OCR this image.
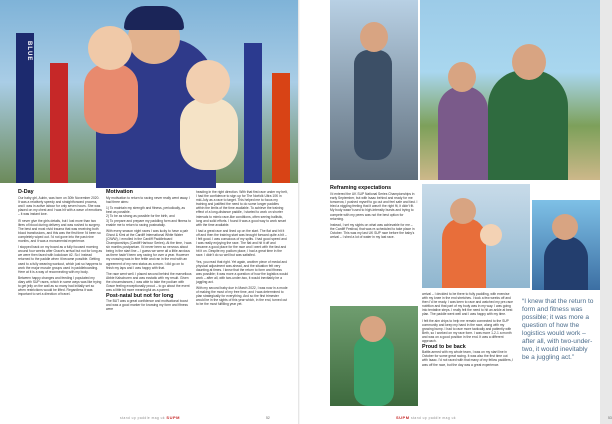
BLUE
D-Day

Our baby girl, Aubin, was born on 30th November 2020. It was a relatively speedy and straightforward process, and I was in active labour for only seven hours. She was placed on my chest and I was hit with a wave of emotions – it was instant love.

I'll never give the girls details, but I lost more than two litres of blood during delivery and was rushed to surgery. The best and most vivid trauma that was receiving both blood transfusions, and this was the first time I'd been so completely wiped out. I'd not gone into the past nine months, and it was a monumental experience.

I stopped back on my board as a fully focused morning around four weeks after Grace's arrival but not for long as we were then faced with lockdown #2. So I instead returned to the paddle when it became possible. Getting used to a fully weaning workout, which just so happens to work the major muscle groups used in paddleboarding. Here at it is a way of reconnecting with my body.

Between happy changes and feeding I populated my diary with SUP races, which in some ways was like trying to get jelly on the wall as so many had initially set so when restrictions would be lifted. Regardless it was important to set a direction of travel.

Motivation

My motivation to return to racing never really went away. I had three aims:

1) To maintain my strength and fitness, periodically, as best as possible.

2) To be as strong as possible for the birth, and

3) To prepare and prepare my paddling form and fitness to enable me to return to racing postnatally.

With every season night races I was lucky to have a pair Ghost & Kimi at the Cardiff International White Water (CIWW), I enrolled in the Cardiff Paddleboard Championships (Cardiff Harbour Series). At the time, I was six months postpartum. I'd never been so nervous about being in the start line – I guess we were all a little anxious as there hadn't been any racing for over a year. However my crossing was in fine fettle and ran in the end with an agreement of my new status as a mum. I did go on to finish my laps and I was happy with that.

The race went well. I placed second behind the marvellous Abbie Kalschuren and was ecstatic with my result. Given the circumstances, I was able to take the podium with Grace feeling exceptionally proud – to go about the event was a little bit more meaningful as a parent.

Post-natal but not for long

The BUT was a great confidence and motivational boost and was a good marker for knowing my form and fitness were

heading in the right direction. With that first race under my belt, I had the confidence to sign up for The Norfolk Ultra 10K in mid-July as a race to target. This helped me to focus my training and justified the need to do some longer paddles within the limits of the time available. To achieve the training effect of a long-distance paddle, I started to work on shorter intervals to mimic race-like conditions, often seeing ballistic, long and solid efforts. I found it was a good way to work smart with the time available.

I had a great race and lined up on the start. The flat and hit it off and then the training start was brought forward quite a bit – I felt good. I was conscious of my splits. I had good speed and I was really enjoying the race. The flat and hit it off and became a good place for the race and I went with the fast and hit it on. Despite my podium place, I had a great time in the race. I didn't do so well but was satisfied.

Yes, you read that right. Yet again, another piece of medal and physical adjustment was ahead, and the situation felt very daunting at times. I knew that the return to form and fitness was possible; it was more a question of how the logistics would work – after all, with two-under-two, it would inevitably be a juggling act.

With my second baby due in March 2022, I was now in a mode of making the most of my free time, and I was determined to plan strategically for everything. And so the first trimester would be in the sights of this year which, in the end, turned out to be the most fulfilling year yet.

stand up paddle mag uk SUPM	52
Reframing expectations

I'd entered the UK SUP National Series Championships in early September, but with Isaac behind and ready for me tomorrow, I pushed myself to go out and feel safe and fast. I tried a niggling feeling that it wasn't the right fit, it didn't fit. My body wasn't used to high-intensity bursts and trying to compete with my peers was not the best option for returning.

Instead, I set my sights on what was achievable for me – the Cardiff Festival, that was re-scheduled to take place in October. This was my last UK SUP race before the baby's arrival – I shed a lot of water in my last race.

arrival – I decided to be there to fully paddling, with exercise with my knee in the end stretches. I took a few weeks off and then I'd be ready. I was keen to race and watched my pre-race nutrition and that part of my body was in my way. I was going into tentative steps. I really felt the need to hit an ankle at best plan. The paddle went well and I was happy with my time.

I felt the aim chips to help me remain connected to the SUP community and keep my hand in the race, along with my growing bump. I had to race more tactically and patiently with Beth, so I worked on my race form. I was more 1-2-1 a month and was on a good position in the end. It was a different approach.

Proud to be back

Battle-armed with my whole team, I was on my start line in October for some great racing. It was also the first time out with Isaac. I'd not raced with that many of my fellow paddlers, I was off the race, but the day was a great experience.

“I knew that the return to form and fitness was possible; it was more a question of how the logistics would work – after all, with two-under-two, it would inevitably be a juggling act.”
53
SUPM stand up paddle mag uk
